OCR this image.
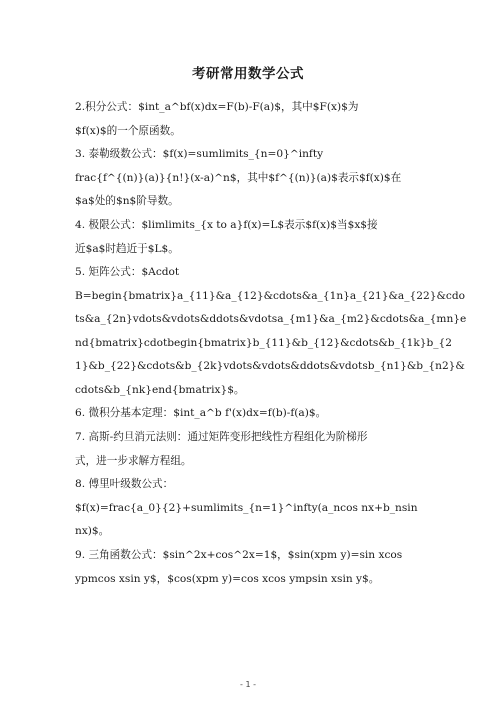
考研常用数学公式
2.积分公式：$int_a^bf(x)dx=F(b)-F(a)$，其中$F(x)$为
$f(x)$的一个原函数。
3. 泰勒级数公式：$f(x)=sumlimits_{n=0}^infty
frac{f^{(n)}(a)}{n!}(x-a)^n$，其中$f^{(n)}(a)$表示$f(x)$在
$a$处的$n$阶导数。
4. 极限公式：$limlimits_{x to a}f(x)=L$表示$f(x)$当$x$接
近$a$时趋近于$L$。
5. 矩阵公式：$Acdot
B=begin{bmatrix}a_{11}&a_{12}&cdots&a_{1n}a_{21}&a_{22}&cdo
ts&a_{2n}vdots&vdots&ddots&vdotsa_{m1}&a_{m2}&cdots&a_{mn}e
nd{bmatrix}cdotbegin{bmatrix}b_{11}&b_{12}&cdots&b_{1k}b_{2
1}&b_{22}&cdots&b_{2k}vdots&vdots&ddots&vdotsb_{n1}&b_{n2}&
cdots&b_{nk}end{bmatrix}$。
6. 微积分基本定理：$int_a^b f'(x)dx=f(b)-f(a)$。
7. 高斯-约旦消元法则：通过矩阵变形把线性方程组化为阶梯形
式，进一步求解方程组。
8. 傅里叶级数公式：
$f(x)=frac{a_0}{2}+sumlimits_{n=1}^infty(a_ncos nx+b_nsin
nx)$。
9. 三角函数公式：$sin^2x+cos^2x=1$，$sin(xpm y)=sin xcos
ypmcos xsin y$，$cos(xpm y)=cos xcos ympsin xsin y$。
- 1 -
